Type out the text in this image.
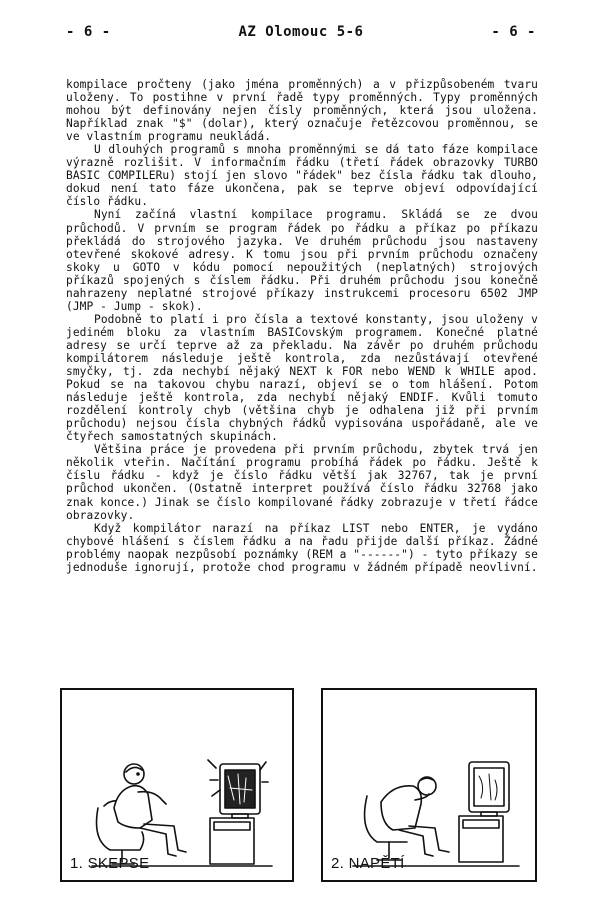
AZ Olomouc 5-6
- 6 -	- 6 -

kompilace pročteny (jako jména proměnných) a v přizpůsobeném tvaru uloženy. To postihne v první řadě typy proměnných. Typy proměnných mohou být definovány nejen čísly proměnných, která jsou uložena. Například znak "$" (dolar), který označuje řetězcovou proměnnou, se ve vlastním programu neukládá.

U dlouhých programů s mnoha proměnnými se dá tato fáze kompilace výrazně rozlišit. V informačním řádku (třetí řádek obrazovky TURBO BASIC COMPILERu) stojí jen slovo "řádek" bez čísla řádku tak dlouho, dokud není tato fáze ukončena, pak se teprve objeví odpovídající číslo řádku.

Nyní začíná vlastní kompilace programu. Skládá se ze dvou průchodů. V prvním se program řádek po řádku a příkaz po příkazu překládá do strojového jazyka. Ve druhém průchodu jsou nastaveny otevřené skokové adresy. K tomu jsou při prvním průchodu označeny skoky u GOTO v kódu pomocí nepoužitých (neplatných) strojových příkazů spojených s číslem řádku. Při druhém průchodu jsou konečně nahrazeny neplatné strojové příkazy instrukcemi procesoru 6502 JMP (JMP - Jump - skok).

Podobně to platí i pro čísla a textové konstanty, jsou uloženy v jediném bloku za vlastním BASICovským programem. Konečné platné adresy se určí teprve až za překladu. Na závěr po druhém průchodu kompilátorem následuje ještě kontrola, zda nezůstávají otevřené smyčky, tj. zda nechybí nějaký NEXT k FOR nebo WEND k WHILE apod. Pokud se na takovou chybu narazí, objeví se o tom hlášení. Potom následuje ještě kontrola, zda nechybí nějaký ENDIF. Kvůli tomuto rozdělení kontroly chyb (většina chyb je odhalena již při prvním průchodu) nejsou čísla chybných řádků vypisována uspořádaně, ale ve čtyřech samostatných skupinách.

Většina práce je provedena při prvním průchodu, zbytek trvá jen několik vteřin. Načítání programu probíhá řádek po řádku. Ještě k číslu řádku - když je číslo řádku větší jak 32767, tak je první průchod ukončen. (Ostatně interpret používá číslo řádku 32768 jako znak konce.) Jinak se číslo kompilované řádky zobrazuje v třetí řádce obrazovky.

Když kompilátor narazí na příkaz LIST nebo ENTER, je vydáno chybové hlášení s číslem řádku a na řadu přijde další příkaz. Žádné problémy naopak nezpůsobí poznámky (REM a "------") - tyto příkazy se jednoduše ignorují, protože chod programu v žádném případě neovlivní.

1. SKEPSE	2. NAPĚTÍ
